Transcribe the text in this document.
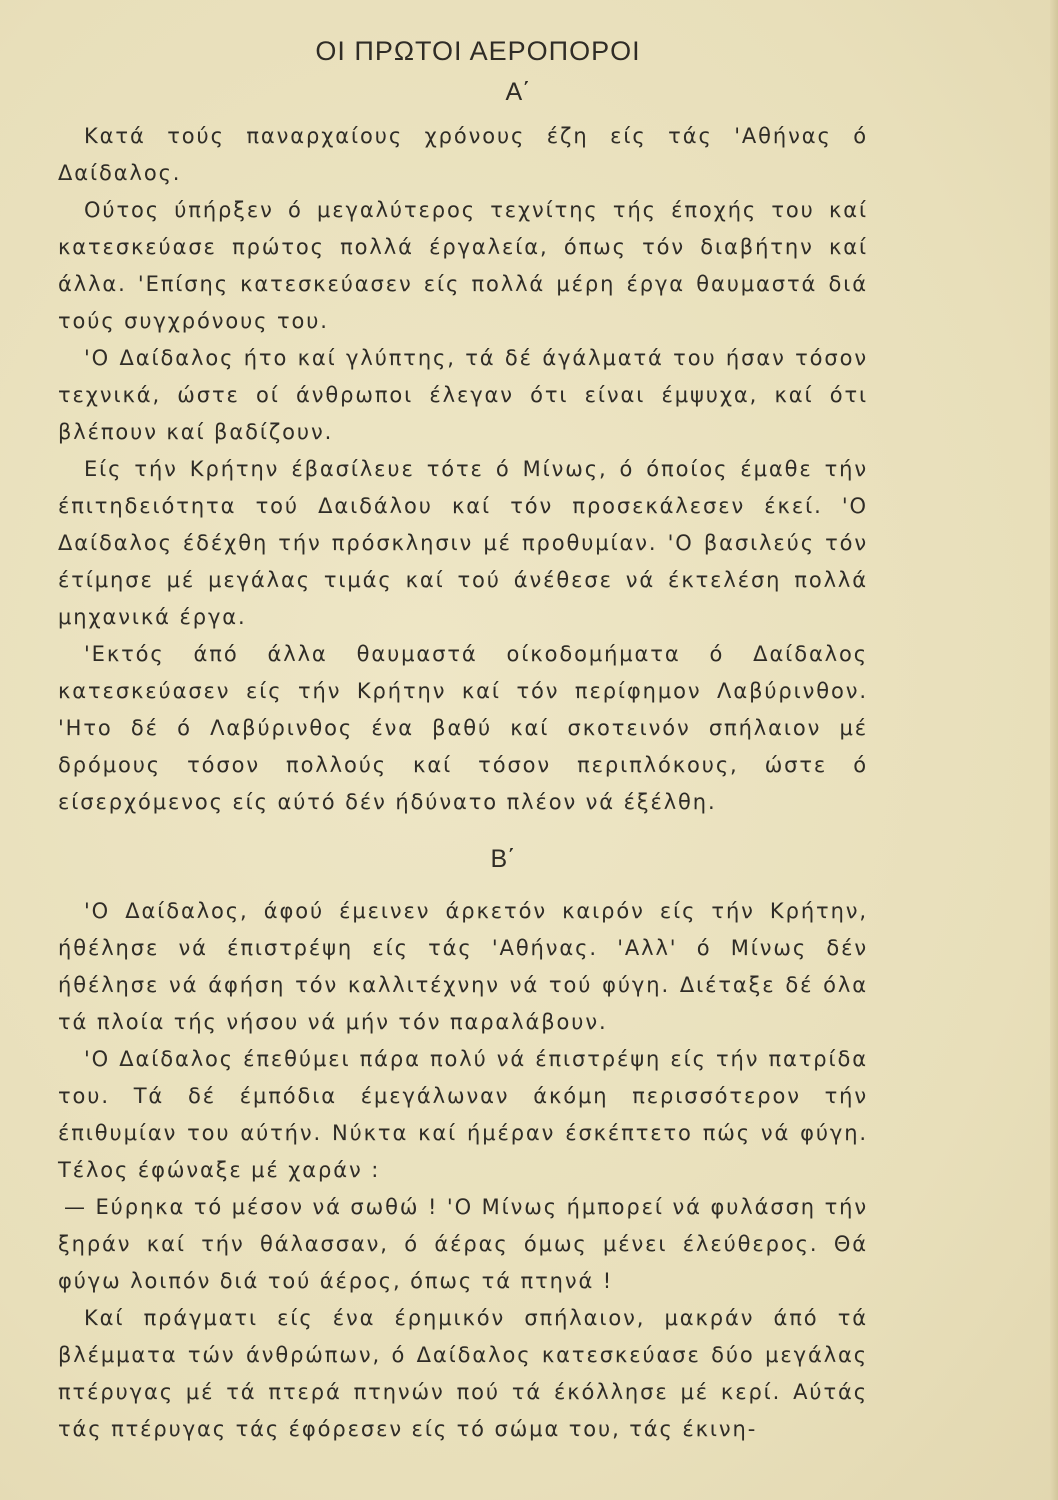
ΟΙ ΠΡΩΤΟΙ ΑΕΡΟΠΟΡΟΙ
Α΄

Κατά τούς παναρχαίους χρόνους έζη είς τάς 'Αθήνας ό Δαίδαλος.

Ούτος ύπήρξεν ό μεγαλύτερος τεχνίτης τής έποχής του καί κατεσκεύασε πρώτος πολλά έργαλεία, όπως τόν διαβήτην καί άλλα. 'Επίσης κατεσκεύασεν είς πολλά μέρη έργα θαυμαστά διά τούς συγχρόνους του.

'Ο Δαίδαλος ήτο καί γλύπτης, τά δέ άγάλματά του ήσαν τόσον τεχνικά, ώστε οί άνθρωποι έλεγαν ότι είναι έμψυχα, καί ότι βλέπουν καί βαδίζουν.

Είς τήν Κρήτην έβασίλευε τότε ό Μίνως, ό όποίος έμαθε τήν έπιτηδειότητα τού Δαιδάλου καί τόν προσεκάλεσεν έκεί. 'Ο Δαίδαλος έδέχθη τήν πρόσκλησιν μέ προθυμίαν. 'Ο βασιλεύς τόν έτίμησε μέ μεγάλας τιμάς καί τού άνέθεσε νά έκτελέση πολλά μηχανικά έργα.

'Εκτός άπό άλλα θαυμαστά οίκοδομήματα ό Δαίδαλος κατεσκεύασεν είς τήν Κρήτην καί τόν περίφημον Λαβύρινθον. 'Ητο δέ ό Λαβύρινθος ένα βαθύ καί σκοτεινόν σπήλαιον μέ δρόμους τόσον πολλούς καί τόσον περιπλόκους, ώστε ό είσερχόμενος είς αύτό δέν ήδύνατο πλέον νά έξέλθη.

Β΄

'Ο Δαίδαλος, άφού έμεινεν άρκετόν καιρόν είς τήν Κρήτην, ήθέλησε νά έπιστρέψη είς τάς 'Αθήνας. 'Αλλ' ό Μίνως δέν ήθέλησε νά άφήση τόν καλλιτέχνην νά τού φύγη. Διέταξε δέ όλα τά πλοία τής νήσου νά μήν τόν παραλάβουν.

'Ο Δαίδαλος έπεθύμει πάρα πολύ νά έπιστρέψη είς τήν πατρίδα του. Τά δέ έμπόδια έμεγάλωναν άκόμη περισσότερον τήν έπιθυμίαν του αύτήν. Νύκτα καί ήμέραν έσκέπτετο πώς νά φύγη. Τέλος έφώναξε μέ χαράν :

— Εύρηκα τό μέσον νά σωθώ ! 'Ο Μίνως ήμπορεί νά φυλάσση τήν ξηράν καί τήν θάλασσαν, ό άέρας όμως μένει έλεύθερος. Θά φύγω λοιπόν διά τού άέρος, όπως τά πτηνά !

Καί πράγματι είς ένα έρημικόν σπήλαιον, μακράν άπό τά βλέμματα τών άνθρώπων, ό Δαίδαλος κατεσκεύασε δύο μεγάλας πτέρυγας μέ τά πτερά πτηνών πού τά έκόλλησε μέ κερί. Αύτάς τάς πτέρυγας τάς έφόρεσεν είς τό σώμα του, τάς έκινη-
